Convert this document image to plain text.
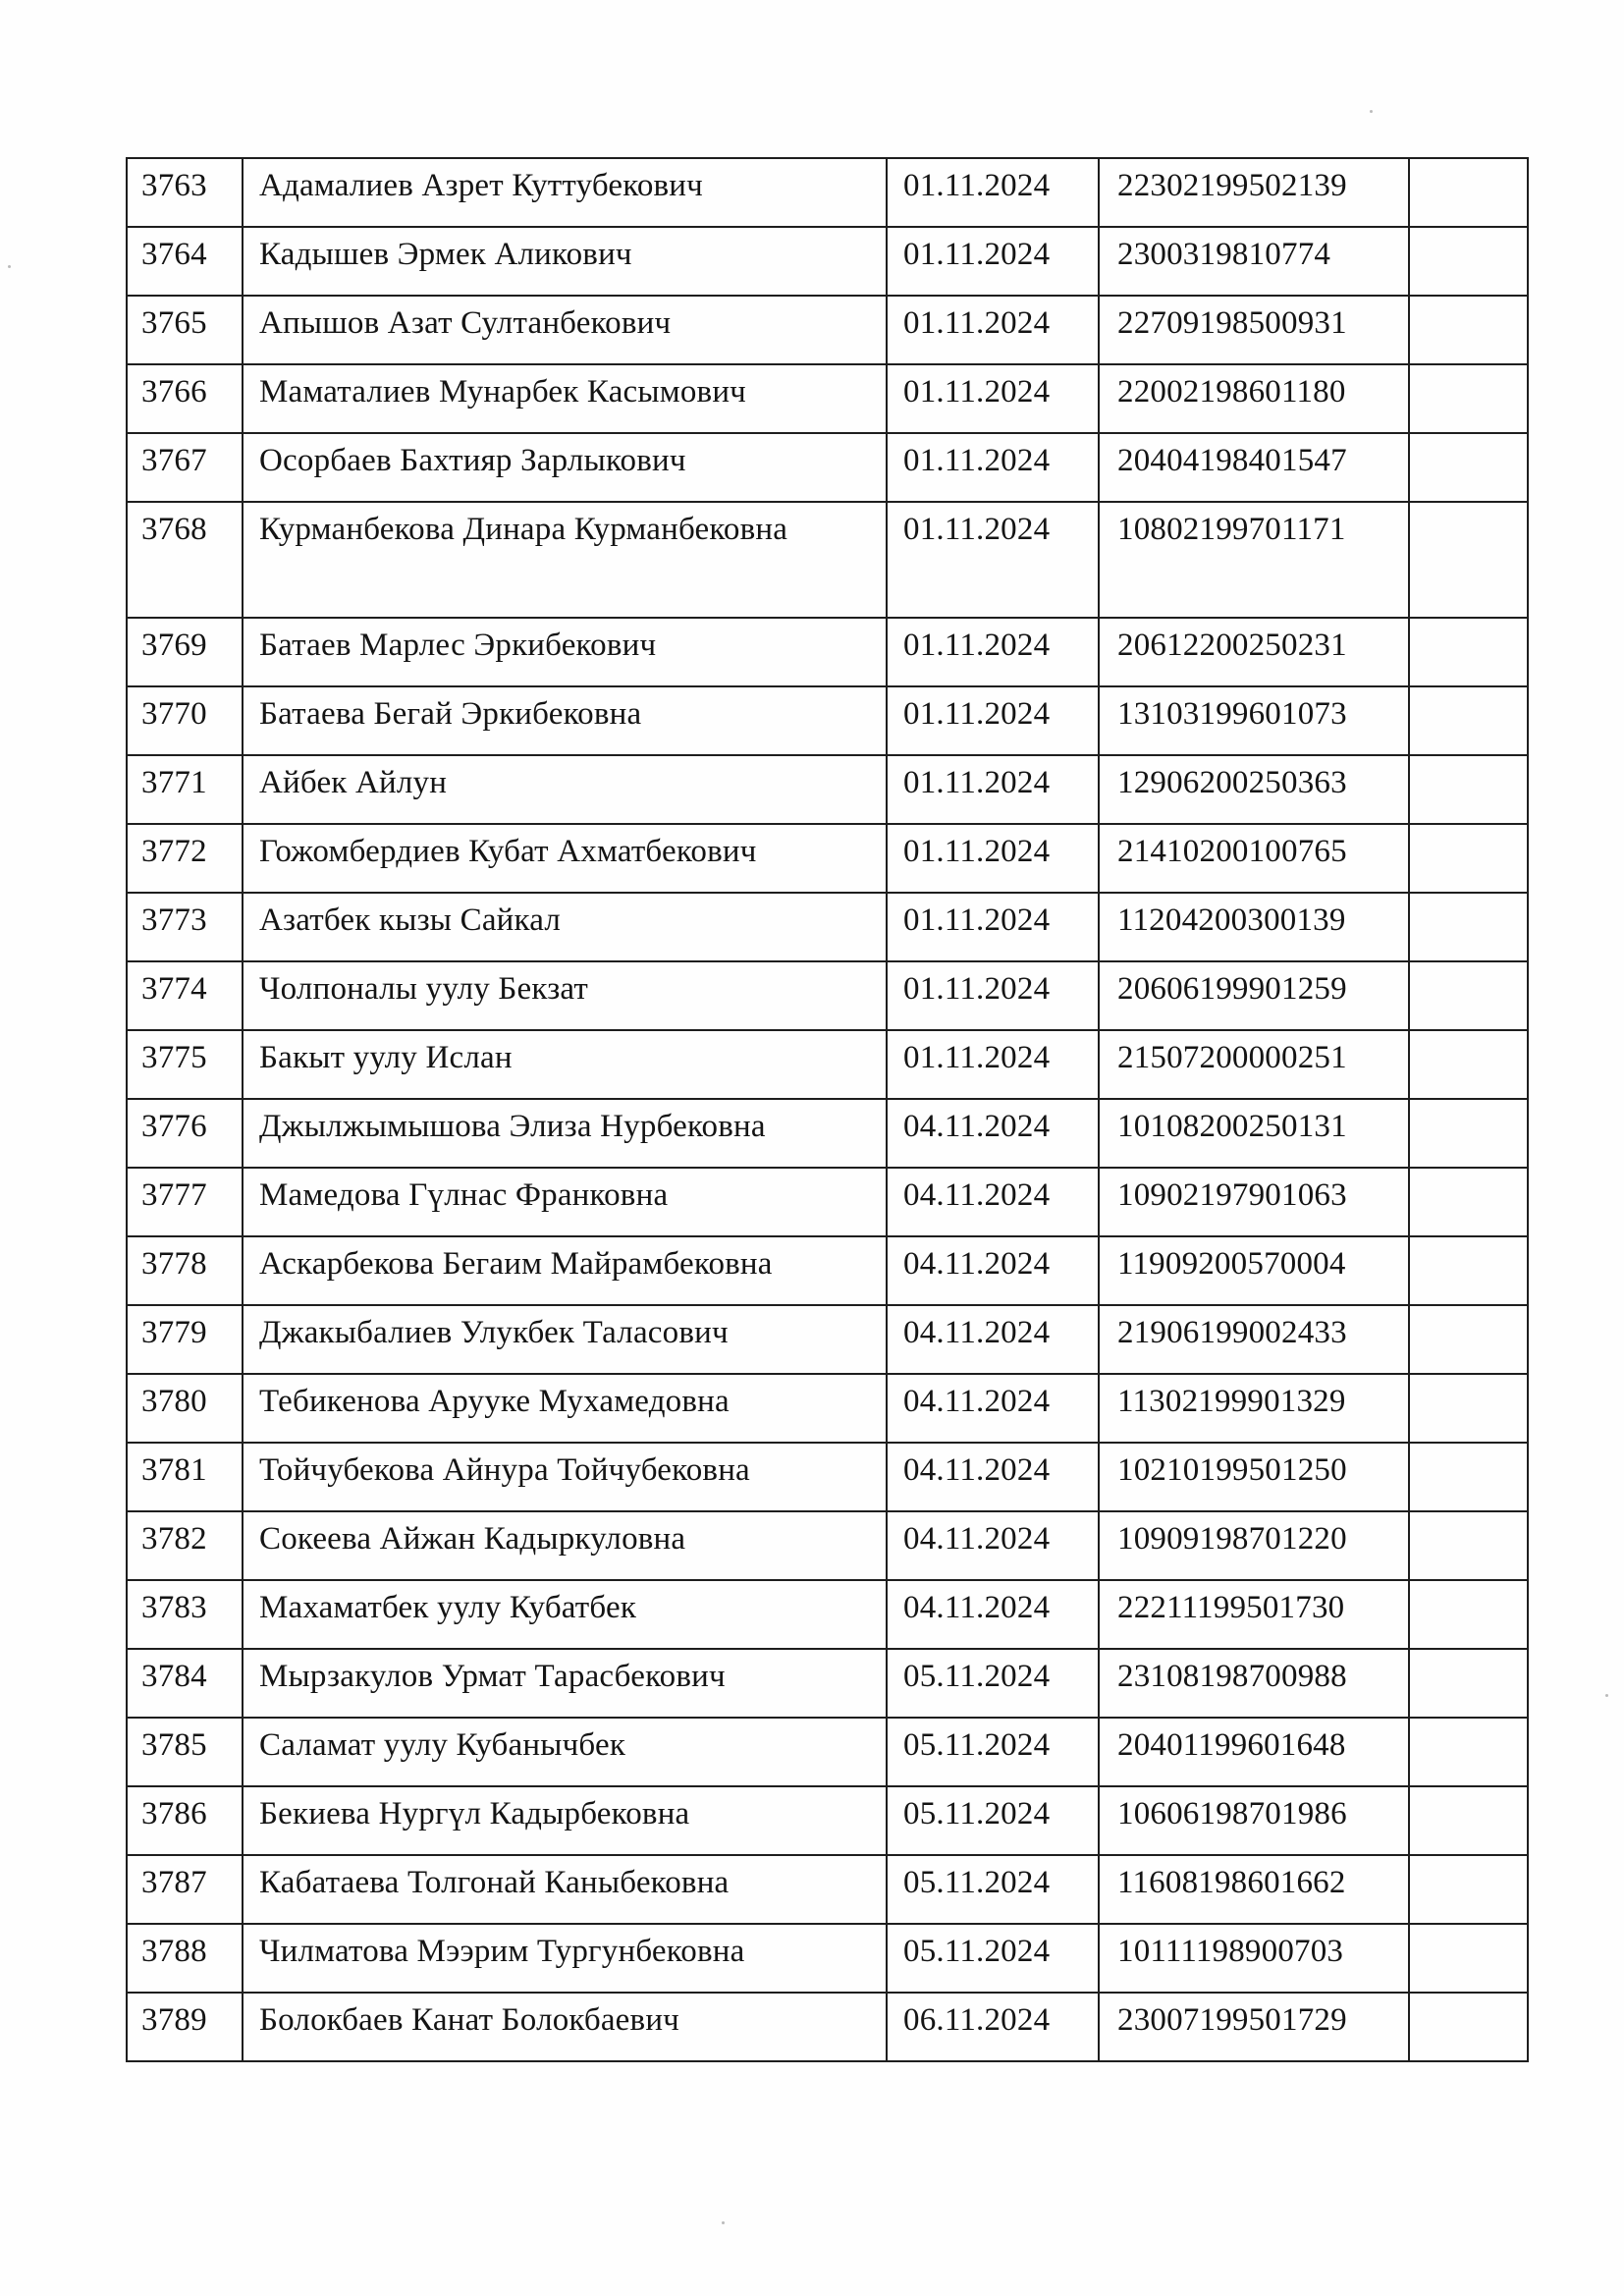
3763	Адамалиев Азрет Куттубекович	01.11.2024	22302199502139	

3764	Кадышев Эрмек Аликович	01.11.2024	2300319810774	

3765	Апышов Азат Султанбекович	01.11.2024	22709198500931	

3766	Маматалиев Мунарбек Касымович	01.11.2024	22002198601180	

3767	Осорбаев Бахтияр Зарлыкович	01.11.2024	20404198401547	

3768	Курманбекова Динара Курманбековна	01.11.2024	10802199701171	

3769	Батаев Марлес Эркибекович	01.11.2024	20612200250231	

3770	Батаева Бегай Эркибековна	01.11.2024	13103199601073	

3771	Айбек Айлун	01.11.2024	12906200250363	

3772	Гожомбердиев Кубат Ахматбекович	01.11.2024	21410200100765	

3773	Азатбек кызы Сайкал	01.11.2024	11204200300139	

3774	Чолпоналы уулу Бекзат	01.11.2024	20606199901259	

3775	Бакыт уулу Ислан	01.11.2024	21507200000251	

3776	Джылжымышова Элиза Нурбековна	04.11.2024	10108200250131	

3777	Мамедова Гүлнас Франковна	04.11.2024	10902197901063	

3778	Аскарбекова Бегаим Майрамбековна	04.11.2024	11909200570004	

3779	Джакыбалиев Улукбек Таласович	04.11.2024	21906199002433	

3780	Тебикенова Арууке Мухамедовна	04.11.2024	11302199901329	

3781	Тойчубекова Айнура Тойчубековна	04.11.2024	10210199501250	

3782	Сокеева Айжан Кадыркуловна	04.11.2024	10909198701220	

3783	Махаматбек уулу Кубатбек	04.11.2024	22211199501730	

3784	Мырзакулов Урмат Тарасбекович	05.11.2024	23108198700988	

3785	Саламат уулу Кубанычбек	05.11.2024	20401199601648	

3786	Бекиева Нургүл Кадырбековна	05.11.2024	10606198701986	

3787	Кабатаева Толгонай Каныбековна	05.11.2024	11608198601662	

3788	Чилматова Мээрим Тургунбековна	05.11.2024	10111198900703	

3789	Болокбаев Канат Болокбаевич	06.11.2024	23007199501729	
